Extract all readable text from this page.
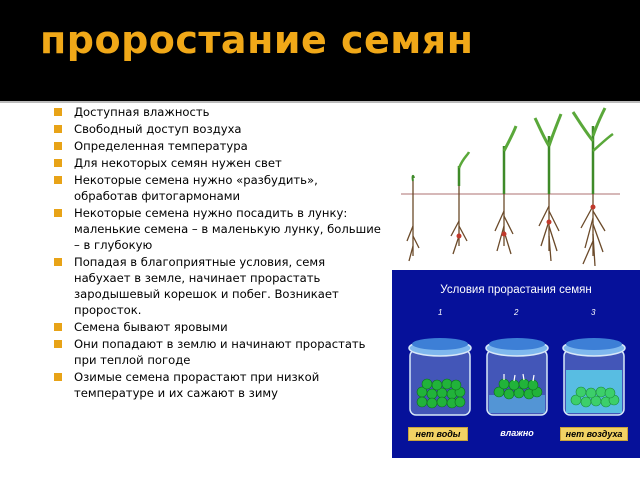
проростание семян
Доступная влажность
Свободный доступ воздуха
Определенная температура
Для некоторых семян нужен свет
Некоторые семена нужно «разбудить», обработав фитогармонами
Некоторые семена нужно посадить в лунку: маленькие семена – в маленькую лунку, большие – в глубокую
Попадая в благоприятные условия, семя набухает в земле, начинает прорастать зародышевый корешок и побег. Возникает проросток.
Семена бывают яровыми
Они попадают в землю и начинают прорастать при теплой погоде
Озимые семена прорастают при низкой температуре и их сажают в зиму
Условия прорастания семян
1	2	3
нет воды	влажно	нет воздуха
